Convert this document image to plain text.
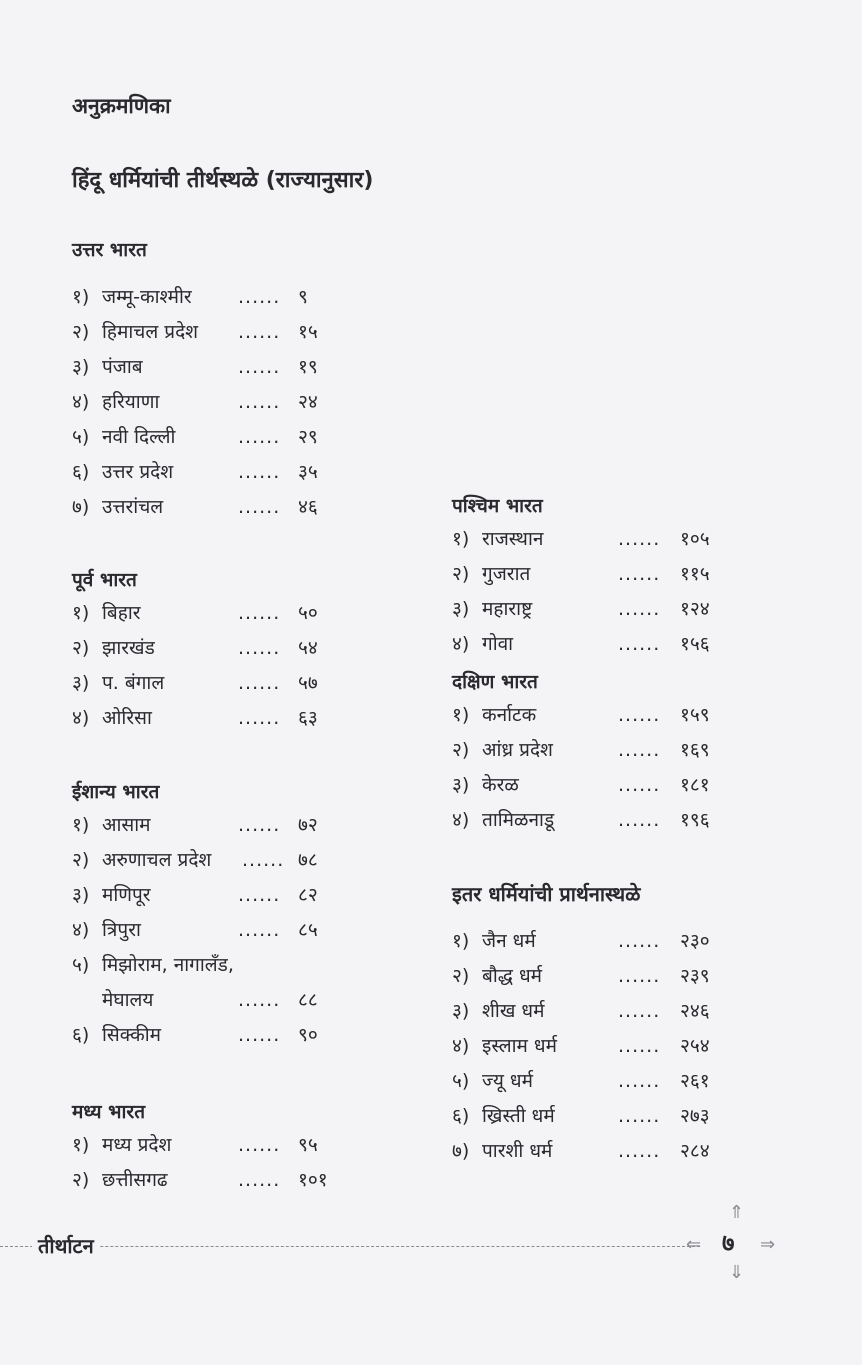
अनुक्रमणिका
हिंदू धर्मियांची तीर्थस्थळे (राज्यानुसार)
उत्तर भारत
१) जम्मू-काश्मीर ...... ९
२) हिमाचल प्रदेश ...... १५
३) पंजाब	...... १९
४) हरियाणा	...... २४
५) नवी दिल्ली	...... २९
६) उत्तर प्रदेश	...... ३५
७) उत्तरांचल	...... ४६
पूर्व भारत
१) बिहार	...... ५०
२) झारखंड	...... ५४
३) प. बंगाल	...... ५७
४) ओरिसा	...... ६३
ईशान्य भारत
१) आसाम	...... ७२
२) अरुणाचल प्रदेश ...... ७८
३) मणिपूर	...... ८२
४) त्रिपुरा	...... ८५
५) मिझोराम, नागालँड,
मेघालय	...... ८८
६) सिक्कीम	...... ९०
मध्य भारत
१) मध्य प्रदेश	...... ९५
२) छत्तीसगढ	...... १०१
पश्चिम भारत
१) राजस्थान	...... १०५
२) गुजरात	...... ११५
३) महाराष्ट्र	...... १२४
४) गोवा	...... १५६
दक्षिण भारत
१) कर्नाटक	...... १५९
२) आंध्र प्रदेश	...... १६९
३) केरळ	...... १८१
४) तामिळनाडू	...... १९६
इतर धर्मियांची प्रार्थनास्थळे
१) जैन धर्म	...... २३०
२) बौद्ध धर्म	...... २३९
३) शीख धर्म	...... २४६
४) इस्लाम धर्म	...... २५४
५) ज्यू धर्म	...... २६१
६) ख्रिस्ती धर्म	...... २७३
७) पारशी धर्म	...... २८४
तीर्थाटन	⇐
⇑
७ ⇒
⇓
